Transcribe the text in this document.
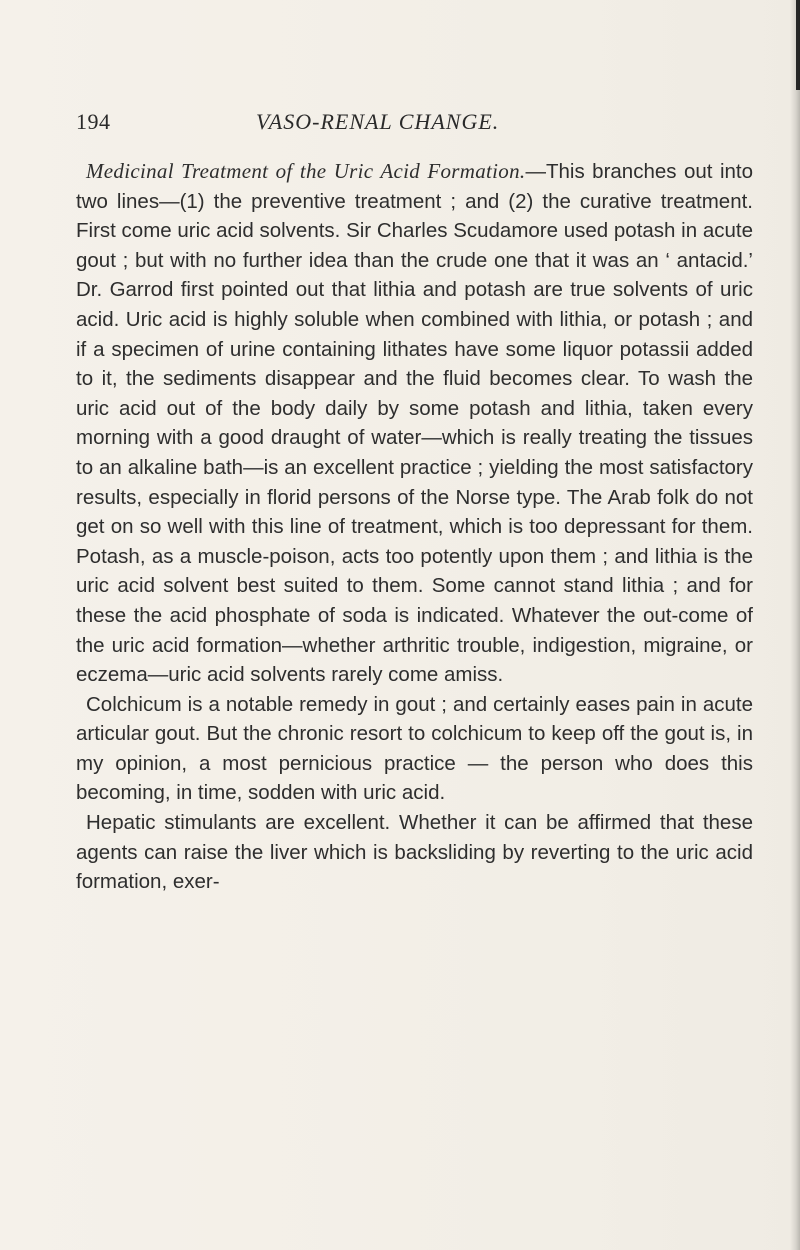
194	VASO-RENAL CHANGE.

Medicinal Treatment of the Uric Acid Formation.—This branches out into two lines—(1) the preventive treatment ; and (2) the curative treatment. First come uric acid solvents. Sir Charles Scudamore used potash in acute gout ; but with no further idea than the crude one that it was an ‘ antacid.’ Dr. Garrod first pointed out that lithia and potash are true solvents of uric acid. Uric acid is highly soluble when combined with lithia, or potash ; and if a specimen of urine containing lithates have some liquor potassii added to it, the sediments disappear and the fluid becomes clear. To wash the uric acid out of the body daily by some potash and lithia, taken every morning with a good draught of water—which is really treating the tissues to an alkaline bath—is an excellent practice ; yielding the most satisfactory results, especially in florid persons of the Norse type. The Arab folk do not get on so well with this line of treatment, which is too depressant for them. Potash, as a muscle-poison, acts too potently upon them ; and lithia is the uric acid solvent best suited to them. Some cannot stand lithia ; and for these the acid phosphate of soda is indicated. Whatever the out-come of the uric acid formation—whether arthritic trouble, indigestion, migraine, or eczema—uric acid solvents rarely come amiss.

Colchicum is a notable remedy in gout ; and certainly eases pain in acute articular gout. But the chronic resort to colchicum to keep off the gout is, in my opinion, a most pernicious practice — the person who does this becoming, in time, sodden with uric acid.

Hepatic stimulants are excellent. Whether it can be affirmed that these agents can raise the liver which is backsliding by reverting to the uric acid formation, exer-
